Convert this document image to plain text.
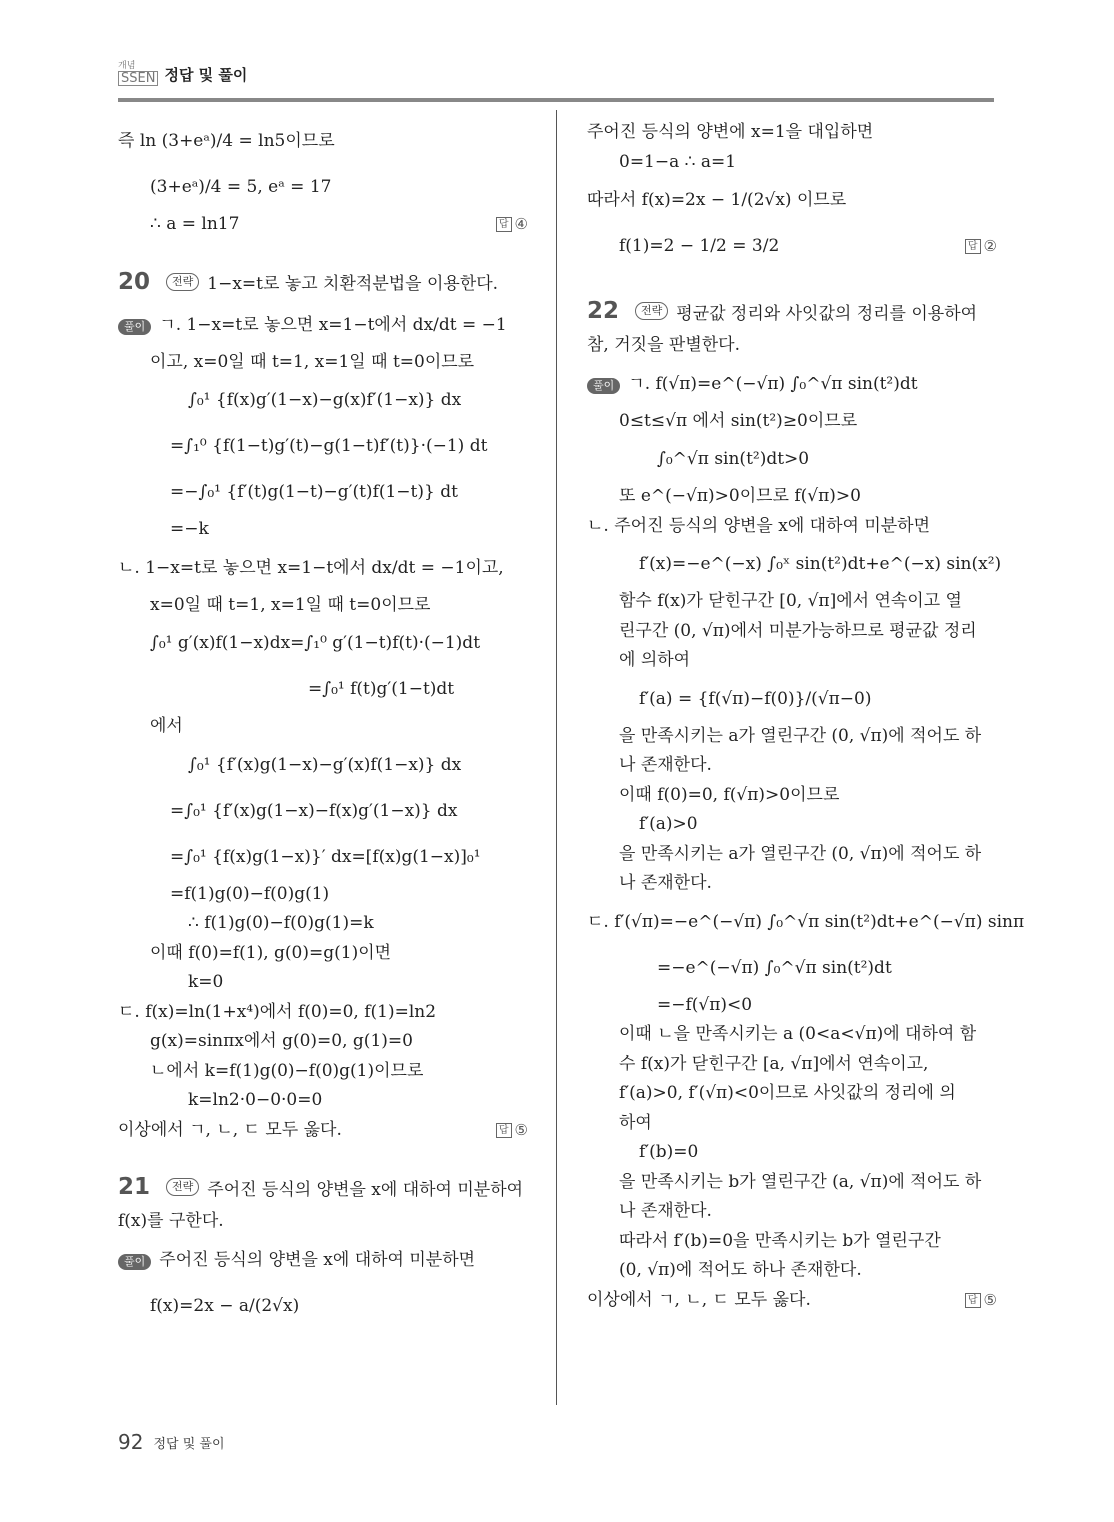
개념
SSEN 정답 및 풀이
즉 ln (3+eᵃ)/4 = ln5이므로
(3+eᵃ)/4 = 5, eᵃ = 17
∴ a = ln17	답 ④
20	전략 1−x=t로 놓고 치환적분법을 이용한다.
풀이 ㄱ. 1−x=t로 놓으면 x=1−t에서 dx/dt = −1
이고, x=0일 때 t=1, x=1일 때 t=0이므로
∫₀¹ {f(x)g′(1−x)−g(x)f′(1−x)} dx
=∫₁⁰ {f(1−t)g′(t)−g(1−t)f′(t)}·(−1) dt
=−∫₀¹ {f′(t)g(1−t)−g′(t)f(1−t)} dt
=−k
ㄴ. 1−x=t로 놓으면 x=1−t에서 dx/dt = −1이고,
x=0일 때 t=1, x=1일 때 t=0이므로
∫₀¹ g′(x)f(1−x)dx=∫₁⁰ g′(1−t)f(t)·(−1)dt
=∫₀¹ f(t)g′(1−t)dt
에서
∫₀¹ {f′(x)g(1−x)−g′(x)f(1−x)} dx
=∫₀¹ {f′(x)g(1−x)−f(x)g′(1−x)} dx
=∫₀¹ {f(x)g(1−x)}′ dx=[f(x)g(1−x)]₀¹
=f(1)g(0)−f(0)g(1)
∴ f(1)g(0)−f(0)g(1)=k
이때 f(0)=f(1), g(0)=g(1)이면
k=0
ㄷ. f(x)=ln(1+x⁴)에서 f(0)=0, f(1)=ln2
g(x)=sinπx에서 g(0)=0, g(1)=0
ㄴ에서 k=f(1)g(0)−f(0)g(1)이므로
k=ln2·0−0·0=0
이상에서 ㄱ, ㄴ, ㄷ 모두 옳다.	답 ⑤
21	전략 주어진 등식의 양변을 x에 대하여 미분하여
f(x)를 구한다.
풀이 주어진 등식의 양변을 x에 대하여 미분하면
f(x)=2x − a/(2√x)
주어진 등식의 양변에 x=1을 대입하면
0=1−a ∴ a=1
따라서 f(x)=2x − 1/(2√x) 이므로
f(1)=2 − 1/2 = 3/2	답 ②
22	전략 평균값 정리와 사잇값의 정리를 이용하여
참, 거짓을 판별한다.
풀이 ㄱ. f(√π)=e^(−√π) ∫₀^√π sin(t²)dt
0≤t≤√π 에서 sin(t²)≥0이므로
∫₀^√π sin(t²)dt>0
또 e^(−√π)>0이므로 f(√π)>0
ㄴ. 주어진 등식의 양변을 x에 대하여 미분하면
f′(x)=−e^(−x) ∫₀ˣ sin(t²)dt+e^(−x) sin(x²)
함수 f(x)가 닫힌구간 [0, √π]에서 연속이고 열
린구간 (0, √π)에서 미분가능하므로 평균값 정리
에 의하여
f′(a) = {f(√π)−f(0)}/(√π−0)
을 만족시키는 a가 열린구간 (0, √π)에 적어도 하
나 존재한다.
이때 f(0)=0, f(√π)>0이므로
f′(a)>0
을 만족시키는 a가 열린구간 (0, √π)에 적어도 하
나 존재한다.
ㄷ. f′(√π)=−e^(−√π) ∫₀^√π sin(t²)dt+e^(−√π) sinπ
=−e^(−√π) ∫₀^√π sin(t²)dt
=−f(√π)<0
이때 ㄴ을 만족시키는 a (0<a<√π)에 대하여 함
수 f(x)가 닫힌구간 [a, √π]에서 연속이고,
f′(a)>0, f′(√π)<0이므로 사잇값의 정리에 의
하여
f′(b)=0
을 만족시키는 b가 열린구간 (a, √π)에 적어도 하
나 존재한다.
따라서 f′(b)=0을 만족시키는 b가 열린구간
(0, √π)에 적어도 하나 존재한다.
이상에서 ㄱ, ㄴ, ㄷ 모두 옳다.	답 ⑤
92 정답 및 풀이
